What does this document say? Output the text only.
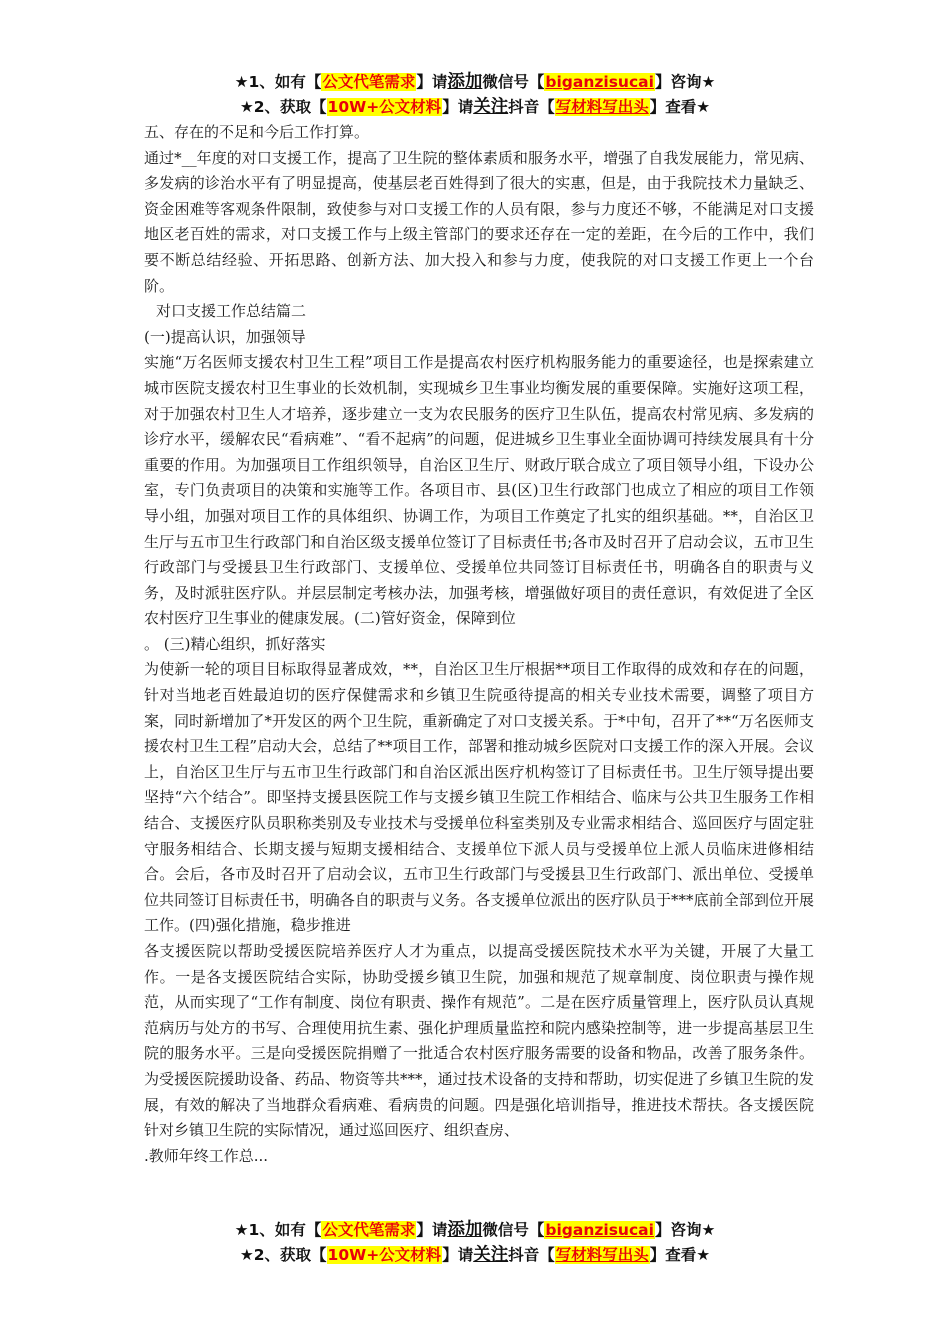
★1、如有【公文代笔需求】请添加微信号【biganzisucai】咨询★
★2、获取【10W+公文材料】请关注抖音【写材料写出头】查看★

五、存在的不足和今后工作打算。

通过*__年度的对口支援工作，提高了卫生院的整体素质和服务水平，增强了自我发展能力，常见病、多发病的诊治水平有了明显提高，使基层老百姓得到了很大的实惠，但是，由于我院技术力量缺乏、资金困难等客观条件限制，致使参与对口支援工作的人员有限，参与力度还不够，不能满足对口支援地区老百姓的需求，对口支援工作与上级主管部门的要求还存在一定的差距，在今后的工作中，我们要不断总结经验、开拓思路、创新方法、加大投入和参与力度，使我院的对口支援工作更上一个台阶。

对口支援工作总结篇二

(一)提高认识，加强领导

实施“万名医师支援农村卫生工程”项目工作是提高农村医疗机构服务能力的重要途径，也是探索建立城市医院支援农村卫生事业的长效机制，实现城乡卫生事业均衡发展的重要保障。实施好这项工程，对于加强农村卫生人才培养，逐步建立一支为农民服务的医疗卫生队伍，提高农村常见病、多发病的诊疗水平，缓解农民“看病难”、“看不起病”的问题，促进城乡卫生事业全面协调可持续发展具有十分重要的作用。为加强项目工作组织领导，自治区卫生厅、财政厅联合成立了项目领导小组，下设办公室，专门负责项目的决策和实施等工作。各项目市、县(区)卫生行政部门也成立了相应的项目工作领导小组，加强对项目工作的具体组织、协调工作，为项目工作奠定了扎实的组织基础。**，自治区卫生厅与五市卫生行政部门和自治区级支援单位签订了目标责任书;各市及时召开了启动会议，五市卫生行政部门与受援县卫生行政部门、支援单位、受援单位共同签订目标责任书，明确各自的职责与义务，及时派驻医疗队。并层层制定考核办法，加强考核，增强做好项目的责任意识，有效促进了全区农村医疗卫生事业的健康发展。(二)管好资金，保障到位

。 (三)精心组织，抓好落实

为使新一轮的项目目标取得显著成效，**，自治区卫生厅根据**项目工作取得的成效和存在的问题，针对当地老百姓最迫切的医疗保健需求和乡镇卫生院亟待提高的相关专业技术需要，调整了项目方案，同时新增加了*开发区的两个卫生院，重新确定了对口支援关系。于*中旬，召开了**“万名医师支援农村卫生工程”启动大会，总结了**项目工作，部署和推动城乡医院对口支援工作的深入开展。会议上，自治区卫生厅与五市卫生行政部门和自治区派出医疗机构签订了目标责任书。卫生厅领导提出要坚持“六个结合”。即坚持支援县医院工作与支援乡镇卫生院工作相结合、临床与公共卫生服务工作相结合、支援医疗队员职称类别及专业技术与受援单位科室类别及专业需求相结合、巡回医疗与固定驻守服务相结合、长期支援与短期支援相结合、支援单位下派人员与受援单位上派人员临床进修相结合。会后，各市及时召开了启动会议，五市卫生行政部门与受援县卫生行政部门、派出单位、受援单位共同签订目标责任书，明确各自的职责与义务。各支援单位派出的医疗队员于***底前全部到位开展工作。(四)强化措施，稳步推进

各支援医院以帮助受援医院培养医疗人才为重点，以提高受援医院技术水平为关键，开展了大量工作。一是各支援医院结合实际，协助受援乡镇卫生院，加强和规范了规章制度、岗位职责与操作规范，从而实现了“工作有制度、岗位有职责、操作有规范”。二是在医疗质量管理上，医疗队员认真规范病历与处方的书写、合理使用抗生素、强化护理质量监控和院内感染控制等，进一步提高基层卫生院的服务水平。三是向受援医院捐赠了一批适合农村医疗服务需要的设备和物品，改善了服务条件。为受援医院援助设备、药品、物资等共***，通过技术设备的支持和帮助，切实促进了乡镇卫生院的发展，有效的解决了当地群众看病难、看病贵的问题。四是强化培训指导，推进技术帮扶。各支援医院针对乡镇卫生院的实际情况，通过巡回医疗、组织查房、

.教师年终工作总...

★1、如有【公文代笔需求】请添加微信号【biganzisucai】咨询★
★2、获取【10W+公文材料】请关注抖音【写材料写出头】查看★
